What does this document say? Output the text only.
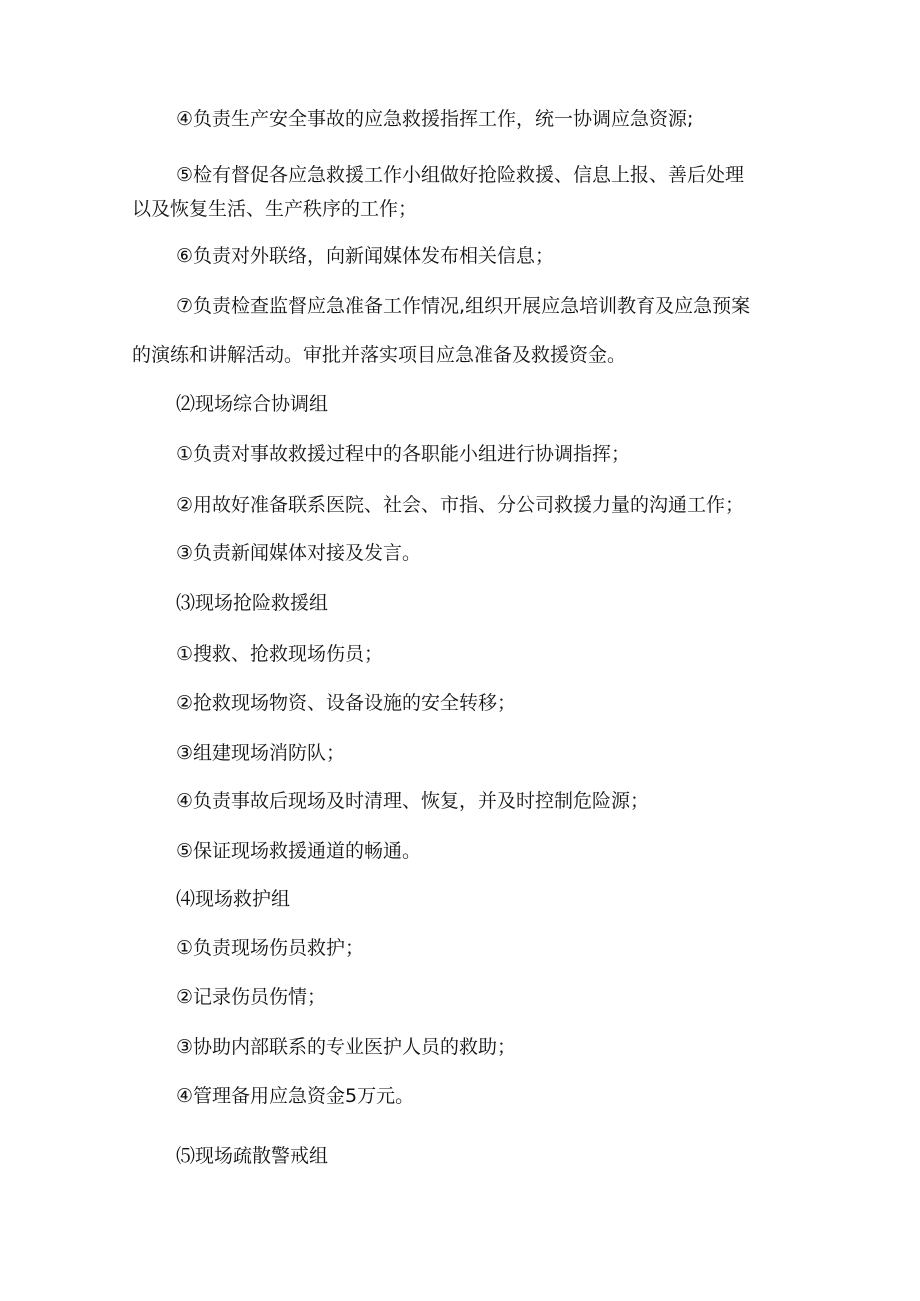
④负责生产安全事故的应急救援指挥工作，统一协调应急资源;
⑤检有督促各应急救援工作小组做好抢险救援、信息上报、善后处理
以及恢复生活、生产秩序的工作；
⑥负责对外联络，向新闻媒体发布相关信息；
⑦负责检查监督应急准备工作情况,组织开展应急培训教育及应急预案
的演练和讲解活动。审批并落实项目应急准备及救援资金。
⑵现场综合协调组
①负责对事故救援过程中的各职能小组进行协调指挥；
②用故好准备联系医院、社会、市指、分公司救援力量的沟通工作；
③负责新闻媒体对接及发言。
⑶现场抢险救援组
①搜救、抢救现场伤员；
②抢救现场物资、设备设施的安全转移；
③组建现场消防队；
④负责事故后现场及时清理、恢复，并及时控制危险源；
⑤保证现场救援通道的畅通。
⑷现场救护组
①负责现场伤员救护；
②记录伤员伤情；
③协助内部联系的专业医护人员的救助；
④管理备用应急资金5万元。
⑸现场疏散警戒组
